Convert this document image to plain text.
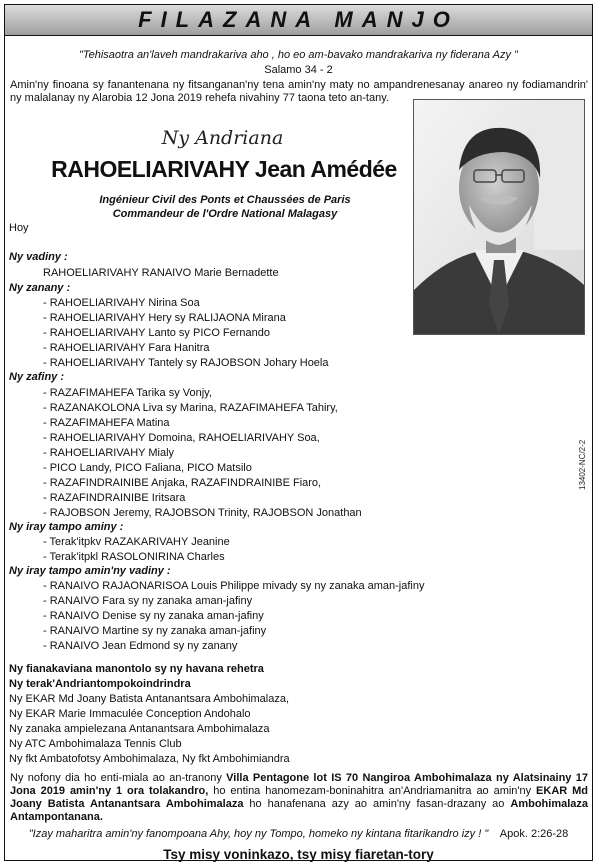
FILAZANA MANJO
"Tehisaotra an'laveh mandrakariva aho , ho eo am-bavako mandrakariva ny fiderana Azy "
Salamo 34 - 2
Amin'ny finoana sy fanantenana ny fitsanganan'ny tena amin'ny maty no ampandrenesanay anareo ny fodiamandrin' ny malalanay ny Alarobia 12 Jona 2019 rehefa nivahiny 77 taona teto an-tany.
Ny Andriana
RAHOELIARIVAHY Jean Amédée
Ingénieur Civil des Ponts et Chaussées de Paris
Commandeur de l'Ordre National Malagasy
Hoy
Ny vadiny :
RAHOELIARIVAHY RANAIVO Marie Bernadette
Ny zanany :
- RAHOELIARIVAHY Nirina Soa
- RAHOELIARIVAHY Hery sy RALIJAONA Mirana
- RAHOELIARIVAHY Lanto sy PICO Fernando
- RAHOELIARIVAHY Fara Hanitra
- RAHOELIARIVAHY Tantely sy RAJOBSON Johary Hoela
Ny zafiny :
- RAZAFIMAHEFA Tarika sy Vonjy,
- RAZANAKOLONA Liva sy Marina, RAZAFIMAHEFA Tahiry,
- RAZAFIMAHEFA Matina
- RAHOELIARIVAHY Domoina, RAHOELIARIVAHY Soa,
- RAHOELIARIVAHY Mialy
- PICO Landy, PICO Faliana, PICO Matsilo
- RAZAFINDRAINIBE Anjaka, RAZAFINDRAINIBE Fiaro,
- RAZAFINDRAINIBE Iritsara
- RAJOBSON Jeremy, RAJOBSON Trinity, RAJOBSON Jonathan
Ny iray tampo aminy :
- Terak'itpkv RAZAKARIVAHY Jeanine
- Terak'itpkl RASOLONIRINA Charles
Ny iray tampo amin'ny vadiny :
- RANAIVO RAJAONARISOA Louis Philippe mivady sy ny zanaka aman-jafiny
- RANAIVO Fara sy ny zanaka aman-jafiny
- RANAIVO Denise sy ny zanaka aman-jafiny
- RANAIVO Martine sy ny zanaka aman-jafiny
- RANAIVO Jean Edmond sy ny zanany
Ny fianakaviana manontolo sy ny havana rehetra
Ny terak'Andriantompokoindrindra
Ny EKAR Md Joany Batista Antanantsara Ambohimalaza,
Ny EKAR Marie Immaculée Conception Andohalo
Ny zanaka ampielezana Antanantsara Ambohimalaza
Ny ATC Ambohimalaza Tennis Club
Ny fkt Ambatofotsy Ambohimalaza, Ny fkt Ambohimiandra
Ny nofony dia ho enti-miala ao an-tranony Villa Pentagone lot IS 70 Nangiroa Ambohimalaza ny Alatsinainy 17 Jona 2019 amin'ny 1 ora tolakandro, ho entina hanomezam-boninahitra an'Andriamanitra ao amin'ny EKAR Md Joany Batista Antanantsara Ambohimalaza ho hanafenana azy ao amin'ny fasan-drazany ao Ambohimalaza Antampontanana.
"Izay maharitra amin'ny fanompoana Ahy, hoy ny Tompo, homeko ny kintana fitarikandro izy ! " Apok. 2:26-28
Tsy misy voninkazo, tsy misy fiaretan-tory
13402-NC/2-2
